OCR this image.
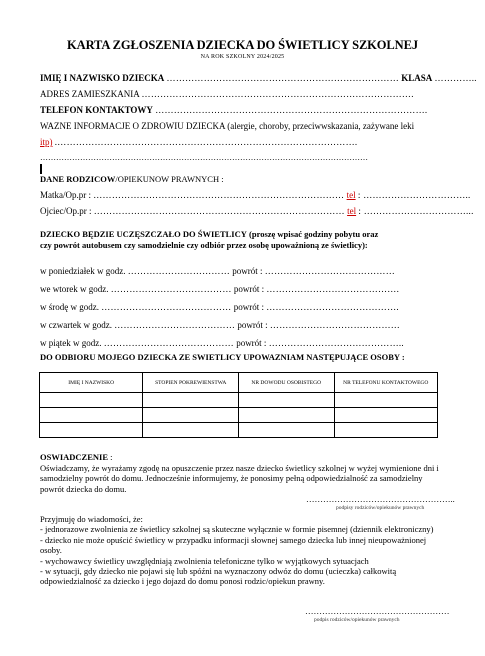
KARTA ZGŁOSZENIA DZIECKA DO ŚWIETLICY SZKOLNEJ
NA ROK SZKOLNY 2024/2025
IMIĘ I NAZWISKO DZIECKA ………………………………………………………………… KLASA …………..
ADRES ZAMIESZKANIA …………………………………………………………………………….
TELEFON KONTAKTOWY …………………………………………………………………………….
WAZNE INFORMACJE O ZDROWIU DZIECKA (alergie, choroby, przeciwwskazania, zażywane leki
itp) .…………………………………………………………………………………….
……………………………………………………………………………………………………………
DANE RODZICOW/OPIEKUNOW PRAWNYCH :
Matka/Op.pr : ……………………………………………………………………… tel : ……………………………..
Ojciec/Op.pr : ……………………………………………………………………… tel : ……………………………...
DZIECKO BĘDZIE UCZĘSZCZAŁO DO ŚWIETLICY (proszę wpisać godziny pobytu oraz
czy powrót autobusem czy samodzielnie czy odbiór przez osobę upoważnioną ze świetlicy):
w poniedziałek w godz. …………………………… powrót : ……………………………………
we wtorek w godz. ………………………………… powrót : …………………………………….
w środę w godz. …………………………………… powrót : …………………………………….
w czwartek w godz. ………………………………… powrót : ……………………………………
w piątek w godz. …………………………………… powrót : ……………………………………..
DO ODBIORU MOJEGO DZIECKA ZE SWIETLICY UPOWAZNIAM NASTĘPUJĄCE OSOBY :
IMIĘ I NAZWISKO	STOPIEN POKREWIENSTWA	NR DOWODU OSOBISTEGO	NR TELEFONU KONTAKTOWEGO

OSWIADCZENIE :
Oświadczamy, że wyrażamy zgodę na opuszczenie przez nasze dziecko świetlicy szkolnej w wyżej wymienione dni i samodzielny powrót do domu. Jednocześnie informujemy, że ponosimy pełną odpowiedzialność za samodzielny powrót dziecka do domu.
……………………………………………..
podpisy rodziców/opiekunów prawnych
Przyjmuję do wiadomości, że:
- jednorazowe zwolnienia ze świetlicy szkolnej są skuteczne wyłącznie w formie pisemnej (dziennik elektroniczny)
- dziecko nie może opuścić świetlicy w przypadku informacji słownej samego dziecka lub innej nieupoważnionej osoby.
- wychowawcy świetlicy uwzględniają zwolnienia telefoniczne tylko w wyjątkowych sytuacjach
- w sytuacji, gdy dziecko nie pojawi się lub spóźni na wyznaczony odwóz do domu (ucieczka) całkowitą odpowiedzialność za dziecko i jego dojazd do domu ponosi rodzic/opiekun prawny.
……………………………………………
podpis rodziców/opiekunów prawnych
